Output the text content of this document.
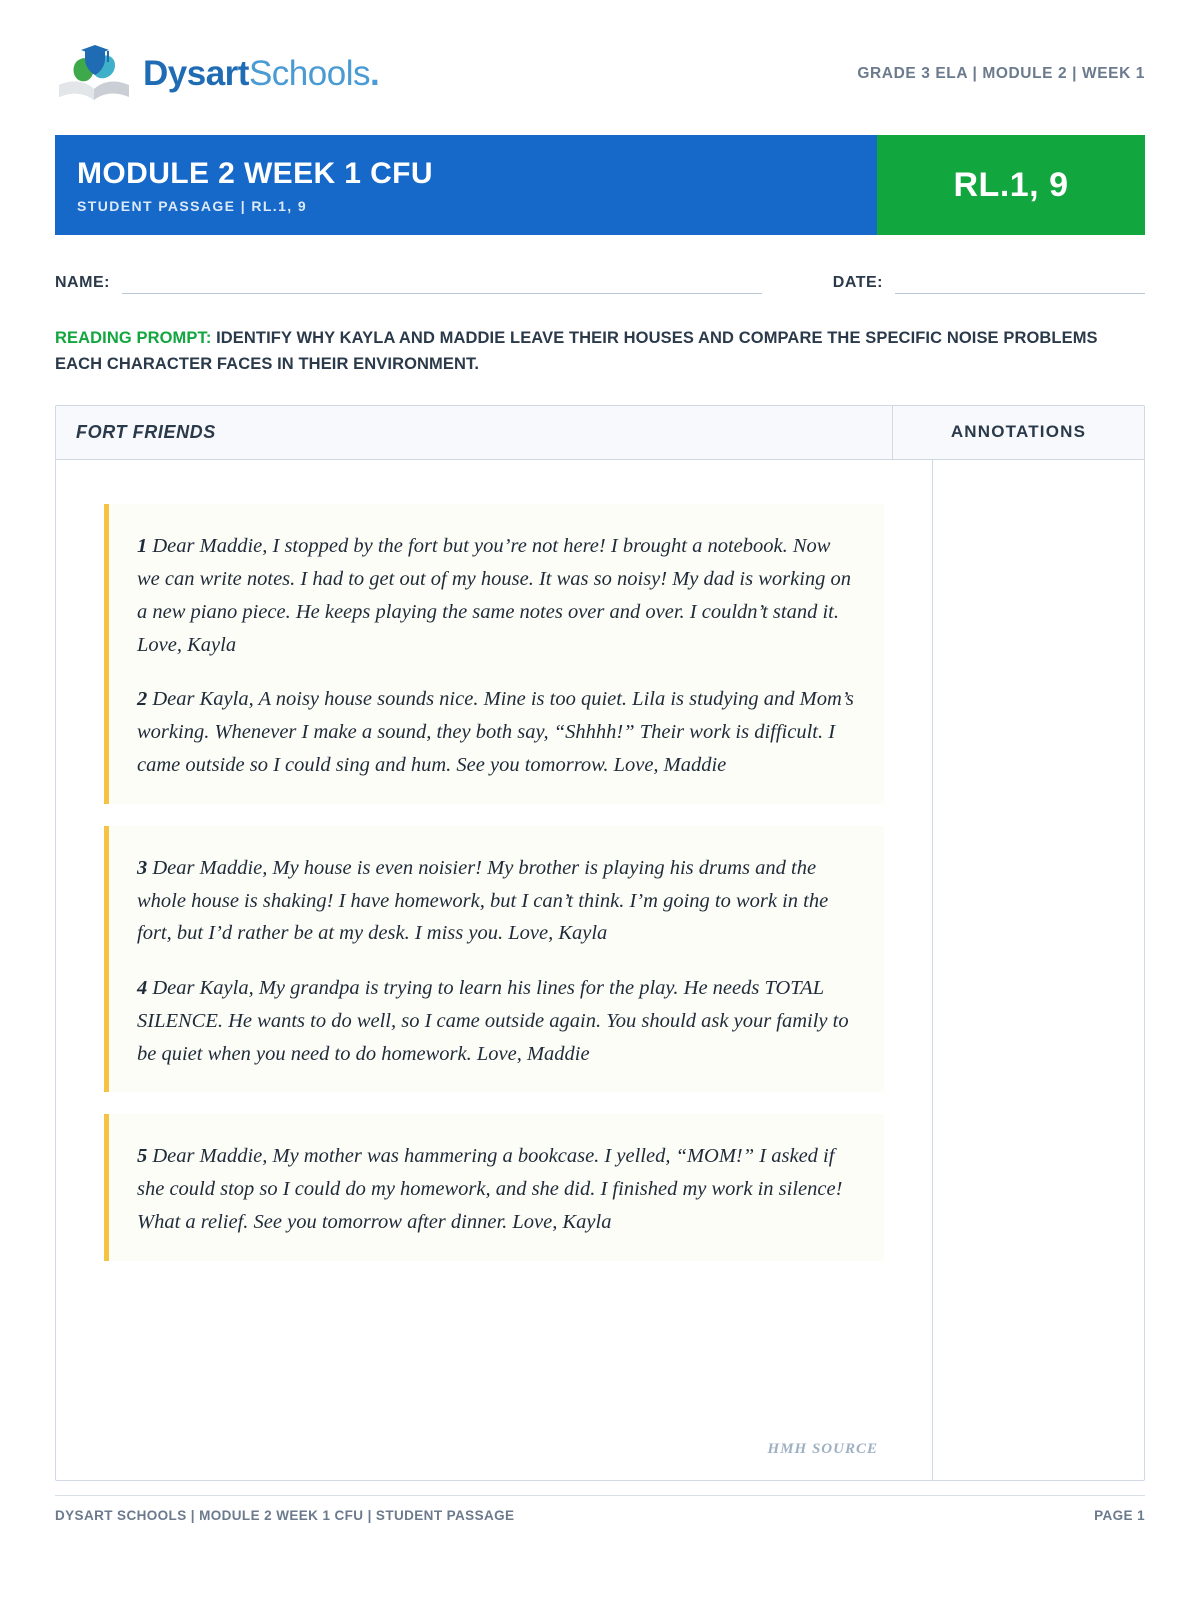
DysartSchools.	GRADE 3 ELA | MODULE 2 | WEEK 1
MODULE 2 WEEK 1 CFU
STUDENT PASSAGE | RL.1, 9
RL.1, 9
NAME:	DATE:
READING PROMPT: IDENTIFY WHY KAYLA AND MADDIE LEAVE THEIR HOUSES AND COMPARE THE SPECIFIC NOISE PROBLEMS EACH CHARACTER FACES IN THEIR ENVIRONMENT.
FORT FRIENDS	ANNOTATIONS

1 Dear Maddie, I stopped by the fort but you’re not here! I brought a notebook. Now we can write notes. I had to get out of my house. It was so noisy! My dad is working on a new piano piece. He keeps playing the same notes over and over. I couldn’t stand it. Love, Kayla

2 Dear Kayla, A noisy house sounds nice. Mine is too quiet. Lila is studying and Mom’s working. Whenever I make a sound, they both say, “Shhhh!” Their work is difficult. I came outside so I could sing and hum. See you tomorrow. Love, Maddie

3 Dear Maddie, My house is even noisier! My brother is playing his drums and the whole house is shaking! I have homework, but I can’t think. I’m going to work in the fort, but I’d rather be at my desk. I miss you. Love, Kayla

4 Dear Kayla, My grandpa is trying to learn his lines for the play. He needs TOTAL SILENCE. He wants to do well, so I came outside again. You should ask your family to be quiet when you need to do homework. Love, Maddie

5 Dear Maddie, My mother was hammering a bookcase. I yelled, “MOM!” I asked if she could stop so I could do my homework, and she did. I finished my work in silence! What a relief. See you tomorrow after dinner. Love, Kayla

HMH SOURCE
DYSART SCHOOLS | MODULE 2 WEEK 1 CFU | STUDENT PASSAGE	PAGE 1
